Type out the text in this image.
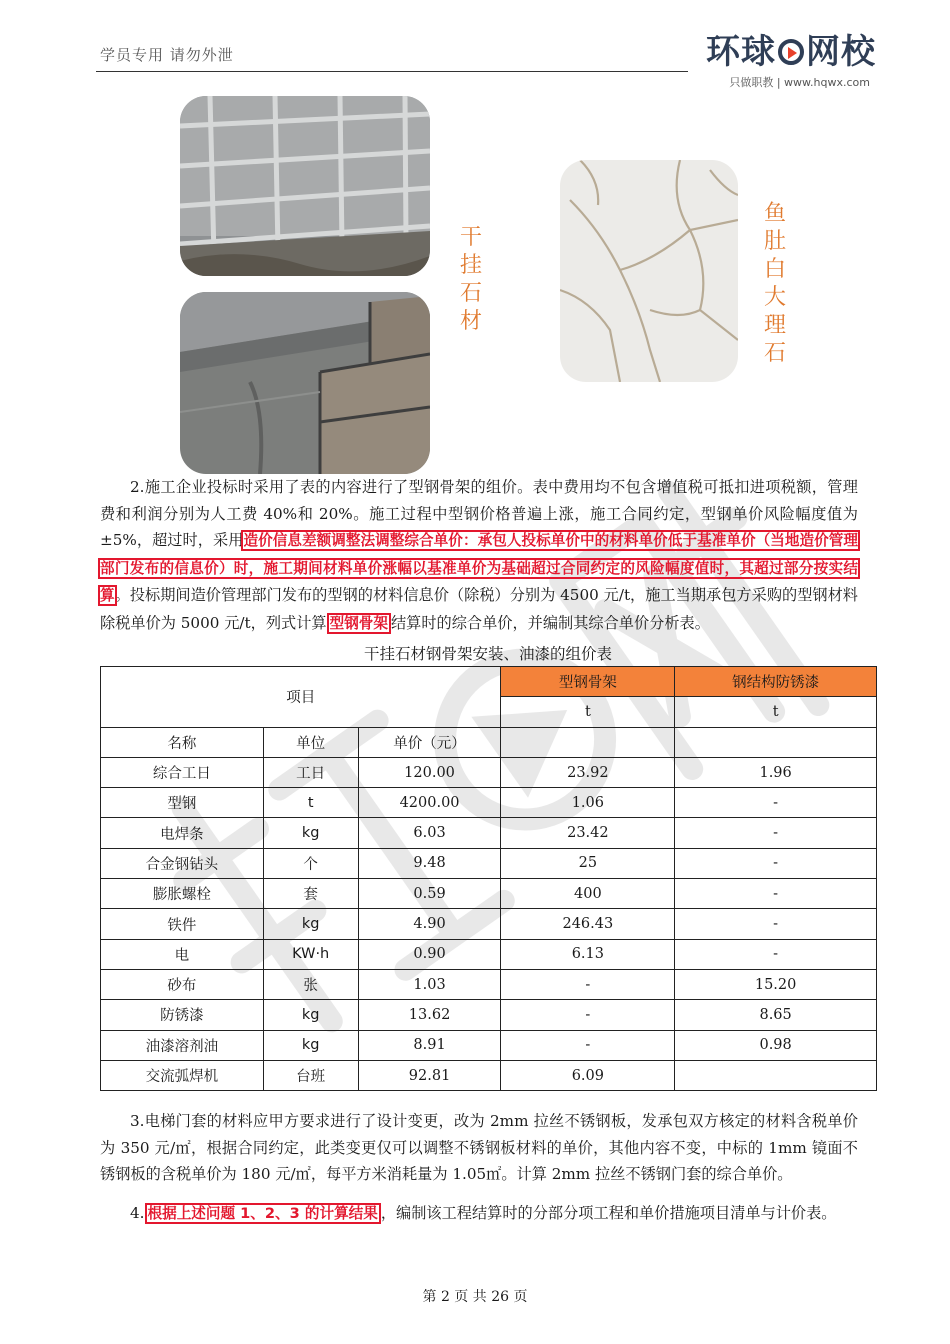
学员专用 请勿外泄	环球 网校
只做职教 | www.hqwx.com
干挂石材
鱼肚白大理石
2.施工企业投标时采用了表的内容进行了型钢骨架的组价。表中费用均不包含增值税可抵扣进项税额，管理费和利润分别为人工费 40%和 20%。施工过程中型钢价格普遍上涨，施工合同约定，型钢单价风险幅度值为±5%，超过时，采用造价信息差额调整法调整综合单价：承包人投标单价中的材料单价低于基准单价（当地造价管理部门发布的信息价）时，施工期间材料单价涨幅以基准单价为基础超过合同约定的风险幅度值时，其超过部分按实结算。投标期间造价管理部门发布的型钢的材料信息价（除税）分别为 4500 元/t，施工当期承包方采购的型钢材料除税单价为 5000 元/t，列式计算 型钢骨架 结算时的综合单价，并编制其综合单价分析表。
干挂石材钢骨架安装、油漆的组价表
项目			型钢骨架	钢结构防锈漆
			t	t
名称	单位	单价（元）		
综合工日	工日	120.00	23.92	1.96
型钢	t	4200.00	1.06	-
电焊条	kg	6.03	23.42	-
合金钢钻头	个	9.48	25	-
膨胀螺栓	套	0.59	400	-
铁件	kg	4.90	246.43	-
电	KW·h	0.90	6.13	-
砂布	张	1.03	-	15.20
防锈漆	kg	13.62	-	8.65
油漆溶剂油	kg	8.91	-	0.98
交流弧焊机	台班	92.81	6.09	
3.电梯门套的材料应甲方要求进行了设计变更，改为 2mm 拉丝不锈钢板，发承包双方核定的材料含税单价为 350 元/㎡，根据合同约定，此类变更仅可以调整不锈钢板材料的单价，其他内容不变，中标的 1mm 镜面不锈钢板的含税单价为 180 元/㎡，每平方米消耗量为 1.05㎡。计算 2mm 拉丝不锈钢门套的综合单价。
4. 根据上述问题 1、2、3 的计算结果 ，编制该工程结算时的分部分项工程和单价措施项目清单与计价表。
第 2 页 共 26 页
